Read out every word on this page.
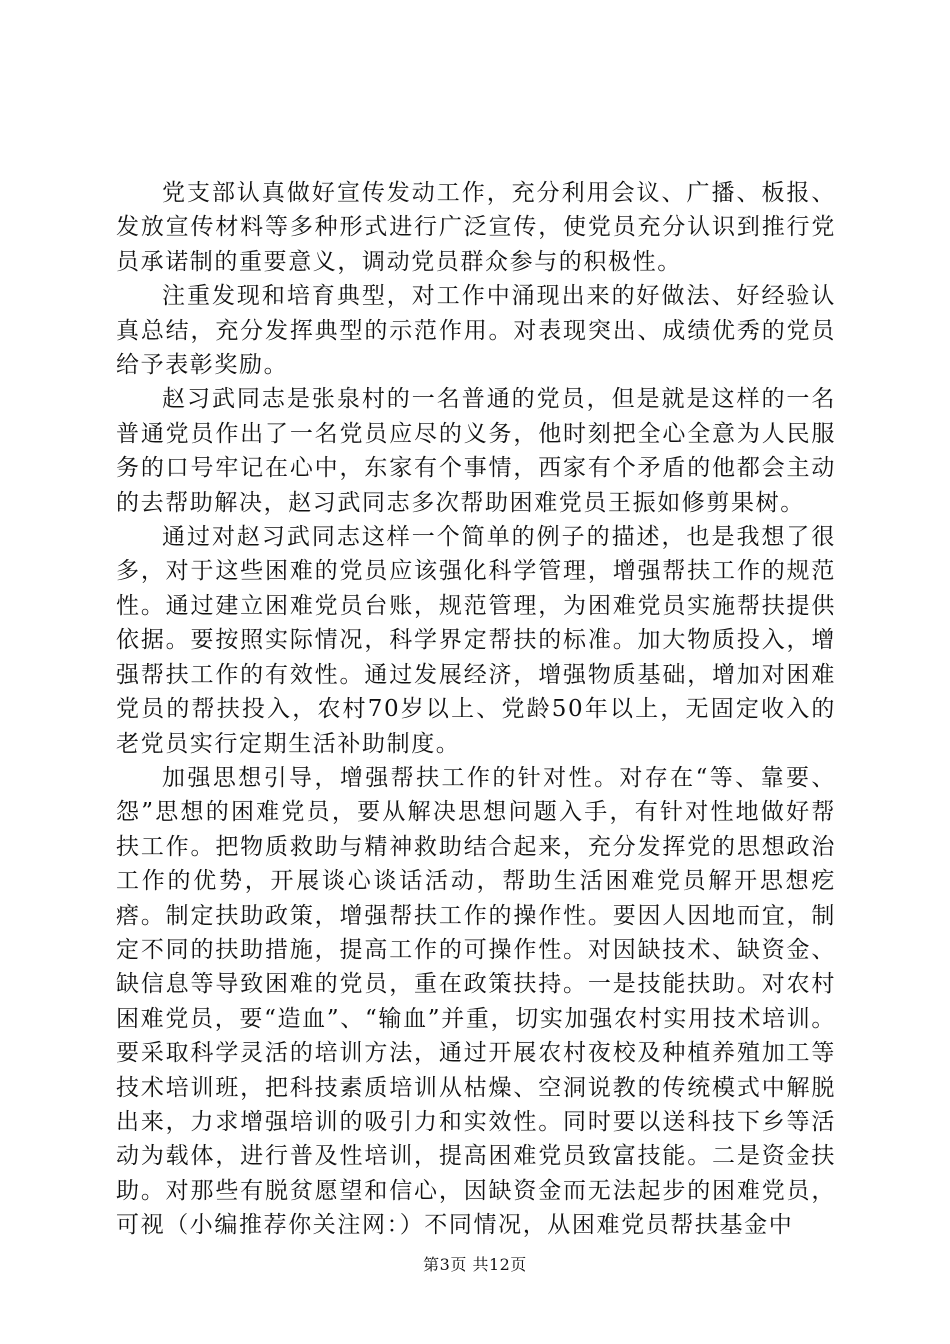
党支部认真做好宣传发动工作，充分利用会议、广播、板报、发放宣传材料等多种形式进行广泛宣传，使党员充分认识到推行党员承诺制的重要意义，调动党员群众参与的积极性。

注重发现和培育典型，对工作中涌现出来的好做法、好经验认真总结，充分发挥典型的示范作用。对表现突出、成绩优秀的党员给予表彰奖励。

赵习武同志是张泉村的一名普通的党员，但是就是这样的一名普通党员作出了一名党员应尽的义务，他时刻把全心全意为人民服务的口号牢记在心中，东家有个事情，西家有个矛盾的他都会主动的去帮助解决，赵习武同志多次帮助困难党员王振如修剪果树。

通过对赵习武同志这样一个简单的例子的描述，也是我想了很多，对于这些困难的党员应该强化科学管理，增强帮扶工作的规范性。通过建立困难党员台账，规范管理，为困难党员实施帮扶提供依据。要按照实际情况，科学界定帮扶的标准。加大物质投入，增强帮扶工作的有效性。通过发展经济，增强物质基础，增加对困难党员的帮扶投入，农村70岁以上、党龄50年以上，无固定收入的老党员实行定期生活补助制度。

加强思想引导，增强帮扶工作的针对性。对存在“等、靠要、怨”思想的困难党员，要从解决思想问题入手，有针对性地做好帮扶工作。把物质救助与精神救助结合起来，充分发挥党的思想政治工作的优势，开展谈心谈话活动，帮助生活困难党员解开思想疙瘩。制定扶助政策，增强帮扶工作的操作性。要因人因地而宜，制定不同的扶助措施，提高工作的可操作性。对因缺技术、缺资金、缺信息等导致困难的党员，重在政策扶持。一是技能扶助。对农村困难党员，要“造血”、“输血”并重，切实加强农村实用技术培训。要采取科学灵活的培训方法，通过开展农村夜校及种植养殖加工等技术培训班，把科技素质培训从枯燥、空洞说教的传统模式中解脱出来，力求增强培训的吸引力和实效性。同时要以送科技下乡等活动为载体，进行普及性培训，提高困难党员致富技能。二是资金扶助。对那些有脱贫愿望和信心，因缺资金而无法起步的困难党员，可视（小编推荐你关注网：）不同情况，从困难党员帮扶基金中

第3页 共12页
